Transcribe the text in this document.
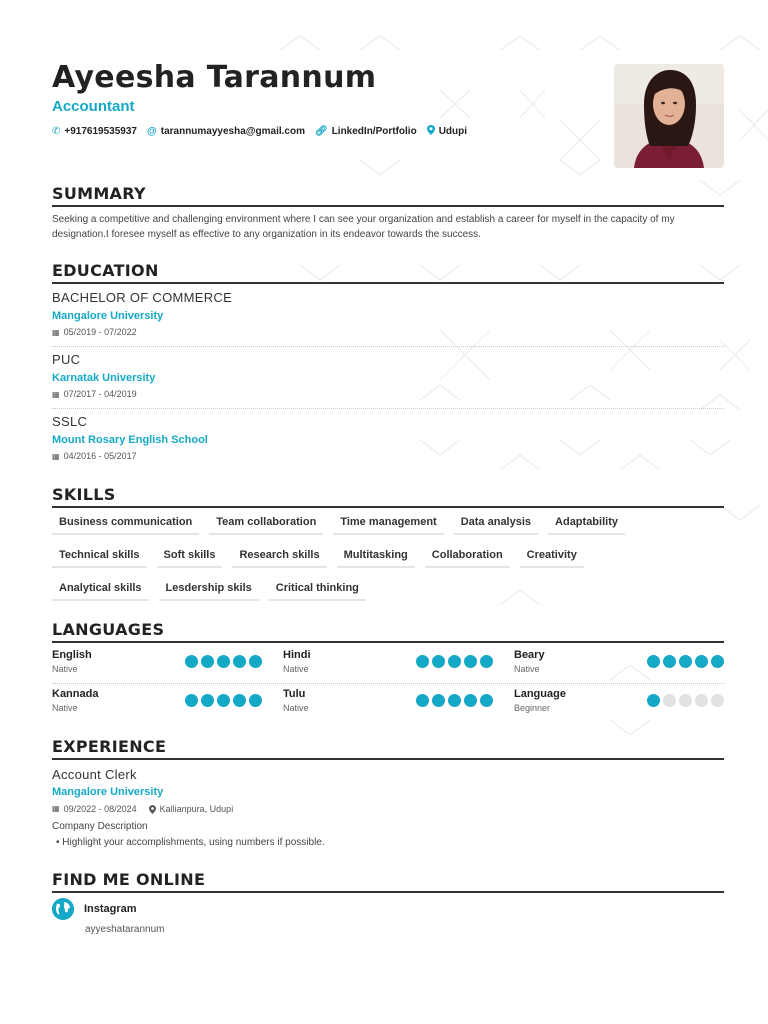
Ayeesha Tarannum
Accountant
✆ +917619535937 @ tarannumayyesha@gmail.com 🔗︎ LinkedIn/Portfolio Udupi
SUMMARY
Seeking a competitive and challenging environment where I can see your organization and establish a career for myself in the capacity of my designation.I foresee myself as effective to any organization in its endeavor towards the success.
EDUCATION
BACHELOR OF COMMERCE
Mangalore University
▦ 05/2019 - 07/2022
PUC
Karnatak University
▦ 07/2017 - 04/2019
SSLC
Mount Rosary English School
▦ 04/2016 - 05/2017
SKILLS
Business communication	Team collaboration	Time management	Data analysis	Adaptability
Technical skills	Soft skills	Research skills	Multitasking	Collaboration	Creativity
Analytical skills	Lesdership skils	Critical thinking
LANGUAGES
English
Native
Hindi
Native
Beary
Native
Kannada
Native
Tulu
Native
Language
Beginner
EXPERIENCE
Account Clerk
Mangalore University
▦ 09/2022 - 08/2024	Kallianpura, Udupi
Company Description
• Highlight your accomplishments, using numbers if possible.
FIND ME ONLINE
Instagram
ayyeshatarannum
